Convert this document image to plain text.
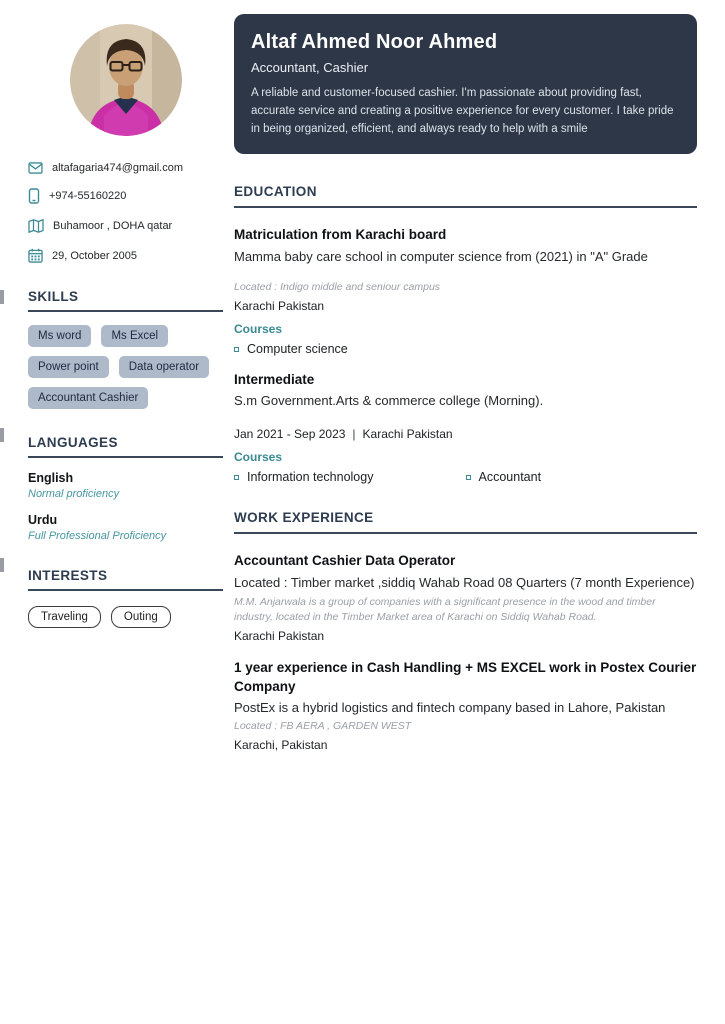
altafagaria474@gmail.com
+974-55160220
Buhamoor , DOHA qatar
29, October 2005
SKILLS
Ms word	Ms Excel
Power point	Data operator
Accountant Cashier
LANGUAGES
English
Normal proficiency
Urdu
Full Professional Proficiency
INTERESTS
Traveling	Outing
Altaf Ahmed Noor Ahmed
Accountant, Cashier
A reliable and customer-focused cashier. I'm passionate about providing fast, accurate service and creating a positive experience for every customer. I take pride in being organized, efficient, and always ready to help with a smile
EDUCATION
Matriculation from Karachi board
Mamma baby care school in computer science from (2021) in "A" Grade
Located : Indigo middle and seniour campus
Karachi Pakistan
Courses
Computer science
Intermediate
S.m Government.Arts & commerce college (Morning).
Jan 2021 - Sep 2023 | Karachi Pakistan
Courses
Information technology	Accountant
WORK EXPERIENCE
Accountant Cashier Data Operator
Located : Timber market ,siddiq Wahab Road 08 Quarters (7 month Experience)
M.M. Anjarwala is a group of companies with a significant presence in the wood and timber industry, located in the Timber Market area of Karachi on Siddiq Wahab Road.
Karachi Pakistan
1 year experience in Cash Handling + MS EXCEL work in Postex Courier Company
PostEx is a hybrid logistics and fintech company based in Lahore, Pakistan
Located : FB AERA , GARDEN WEST
Karachi, Pakistan
